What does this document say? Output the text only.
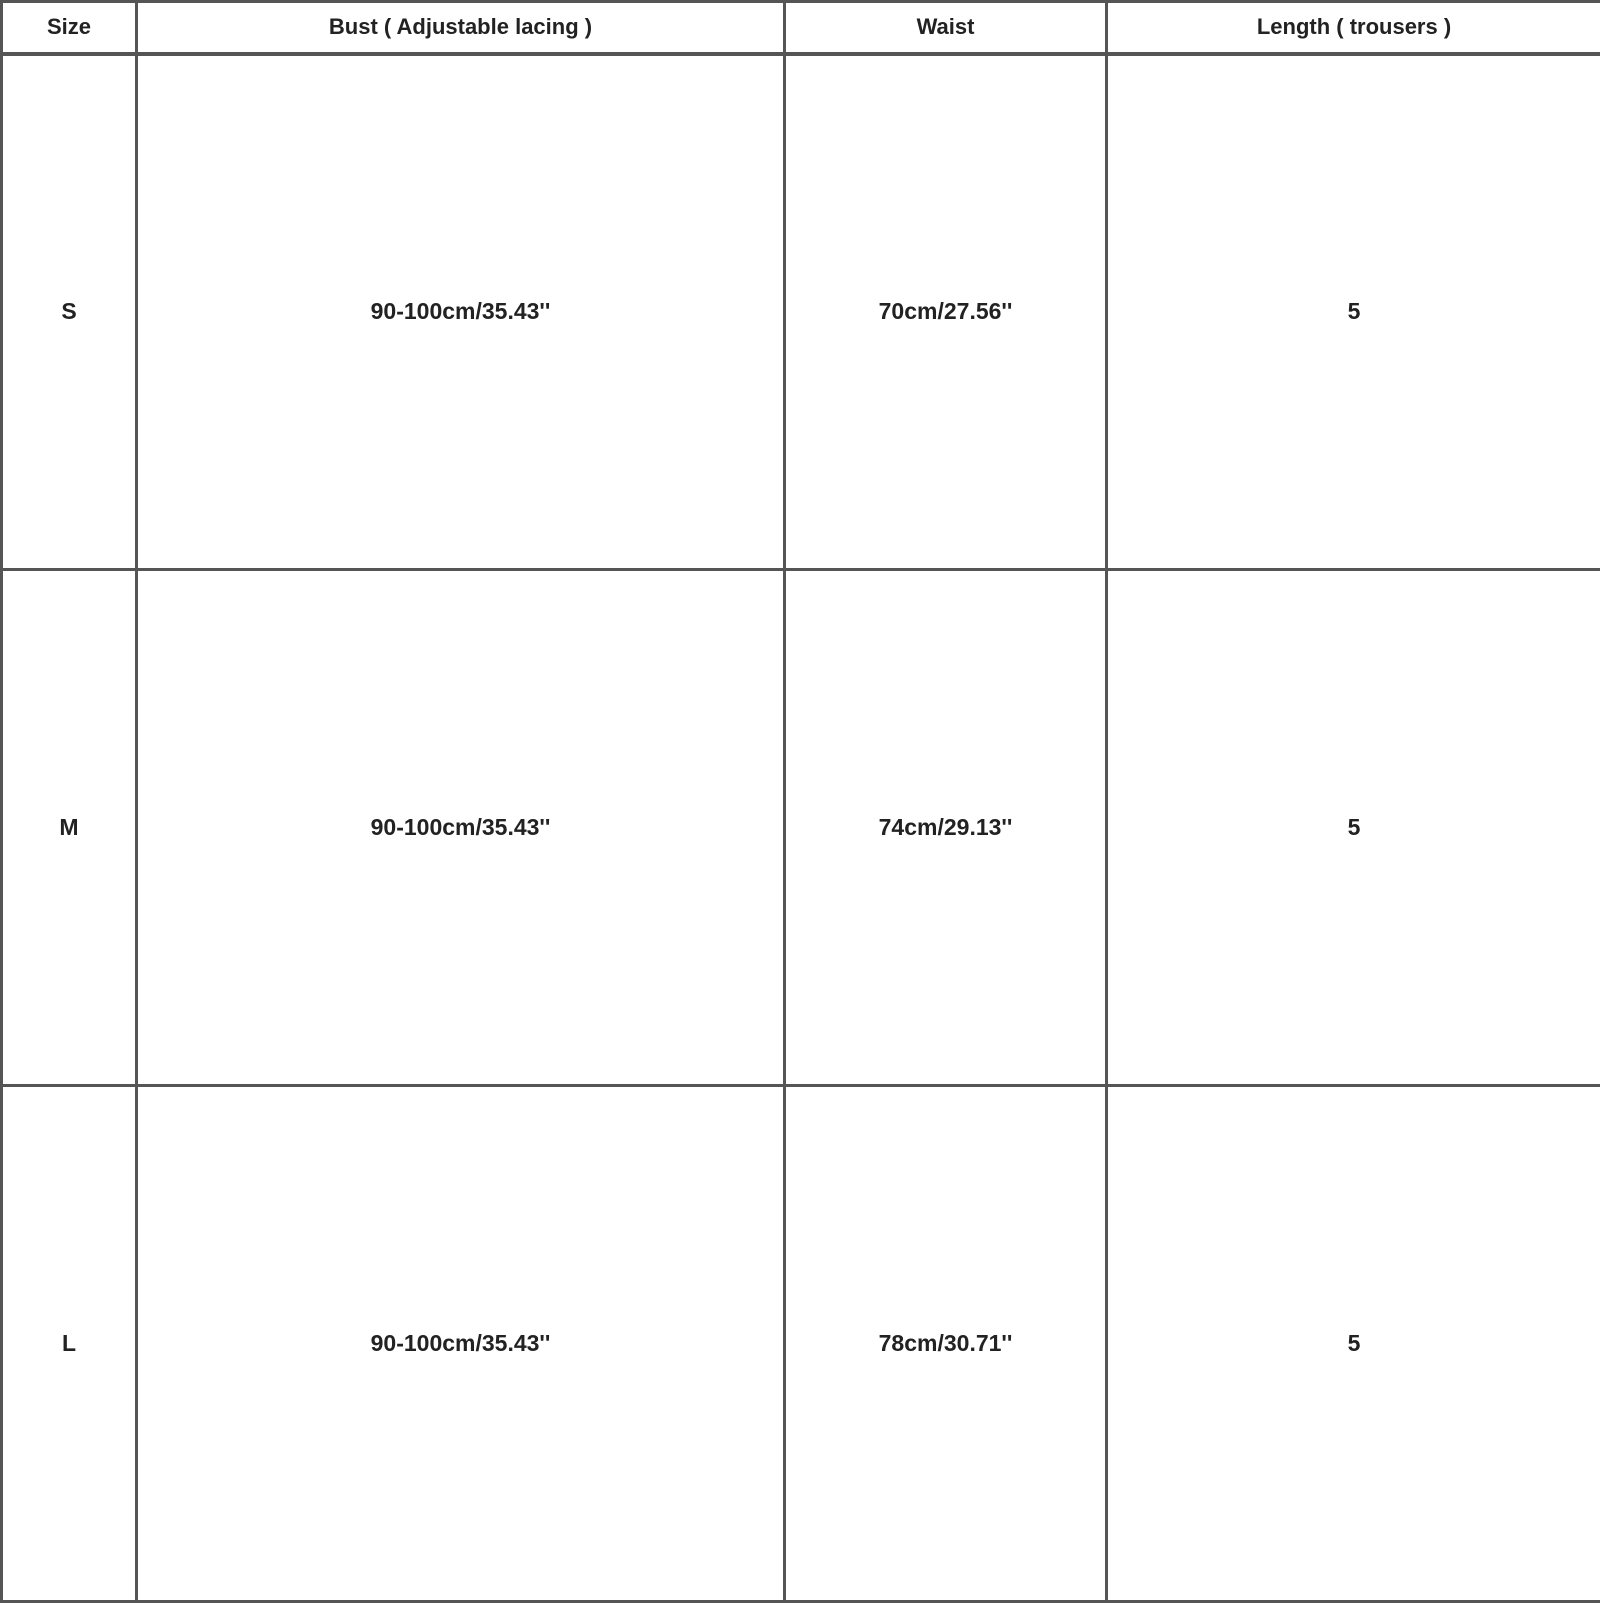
Size	Bust ( Adjustable lacing )	Waist	Length ( trousers )
S	90-100cm/35.43''	70cm/27.56''	5
M	90-100cm/35.43''	74cm/29.13''	5
L	90-100cm/35.43''	78cm/30.71''	5
